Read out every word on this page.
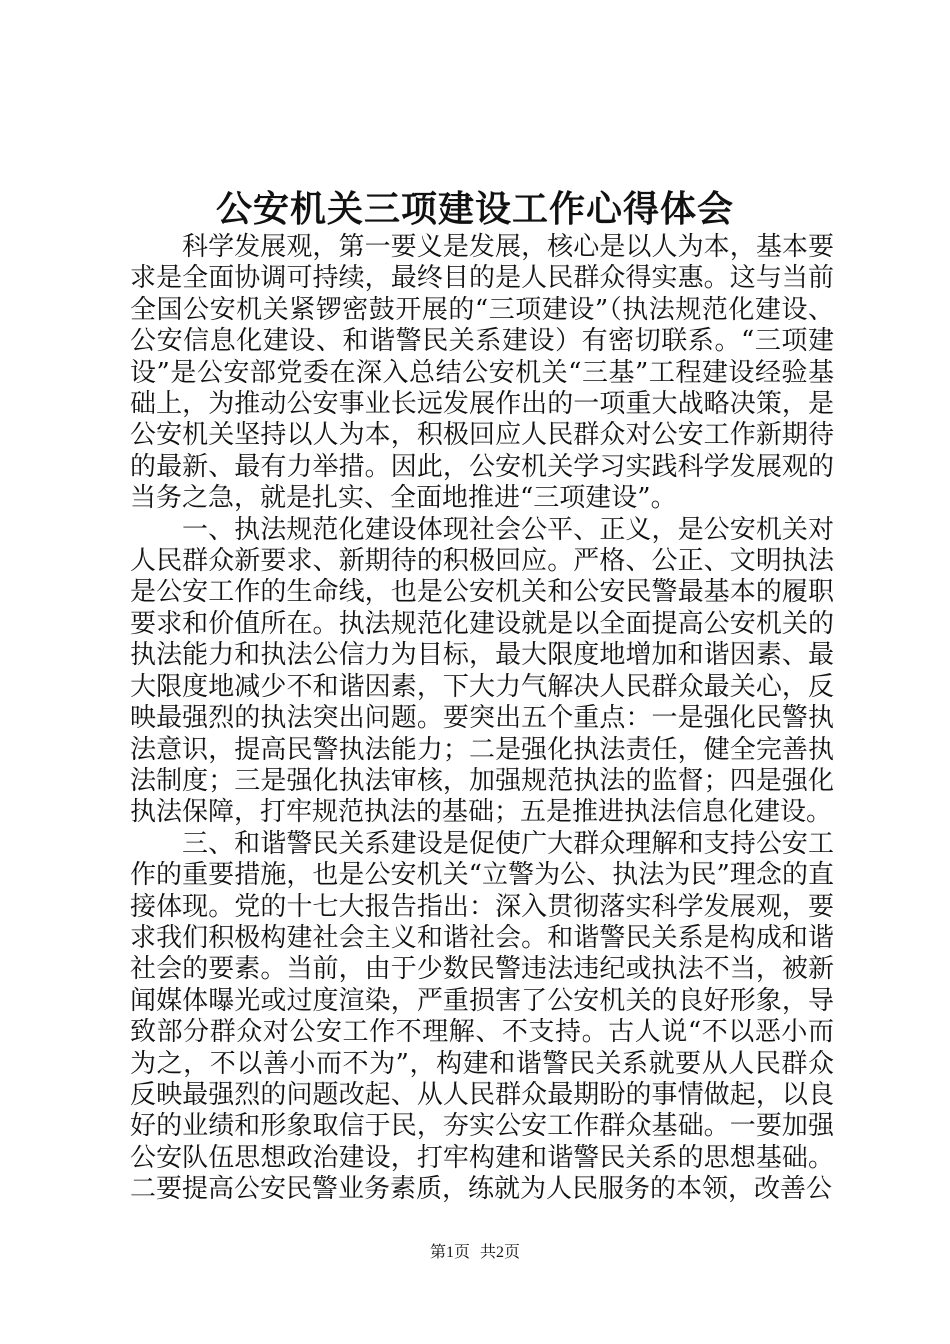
公安机关三项建设工作心得体会

科学发展观，第一要义是发展，核心是以人为本，基本要求是全面协调可持续，最终目的是人民群众得实惠。这与当前全国公安机关紧锣密鼓开展的“三项建设”（执法规范化建设、公安信息化建设、和谐警民关系建设）有密切联系。“三项建设”是公安部党委在深入总结公安机关“三基”工程建设经验基础上，为推动公安事业长远发展作出的一项重大战略决策，是公安机关坚持以人为本，积极回应人民群众对公安工作新期待的最新、最有力举措。因此，公安机关学习实践科学发展观的当务之急，就是扎实、全面地推进“三项建设”。

一、执法规范化建设体现社会公平、正义，是公安机关对人民群众新要求、新期待的积极回应。严格、公正、文明执法是公安工作的生命线，也是公安机关和公安民警最基本的履职要求和价值所在。执法规范化建设就是以全面提高公安机关的执法能力和执法公信力为目标，最大限度地增加和谐因素、最大限度地减少不和谐因素，下大力气解决人民群众最关心，反映最强烈的执法突出问题。要突出五个重点：一是强化民警执法意识，提高民警执法能力；二是强化执法责任，健全完善执法制度；三是强化执法审核，加强规范执法的监督；四是强化执法保障，打牢规范执法的基础；五是推进执法信息化建设。

三、和谐警民关系建设是促使广大群众理解和支持公安工作的重要措施，也是公安机关“立警为公、执法为民”理念的直接体现。党的十七大报告指出：深入贯彻落实科学发展观，要求我们积极构建社会主义和谐社会。和谐警民关系是构成和谐社会的要素。当前，由于少数民警违法违纪或执法不当，被新闻媒体曝光或过度渲染，严重损害了公安机关的良好形象，导致部分群众对公安工作不理解、不支持。古人说“不以恶小而为之，不以善小而不为”，构建和谐警民关系就要从人民群众反映最强烈的问题改起、从人民群众最期盼的事情做起，以良好的业绩和形象取信于民，夯实公安工作群众基础。一要加强公安队伍思想政治建设，打牢构建和谐警民关系的思想基础。二要提高公安民警业务素质，练就为人民服务的本领，改善公

第1页 共2页
